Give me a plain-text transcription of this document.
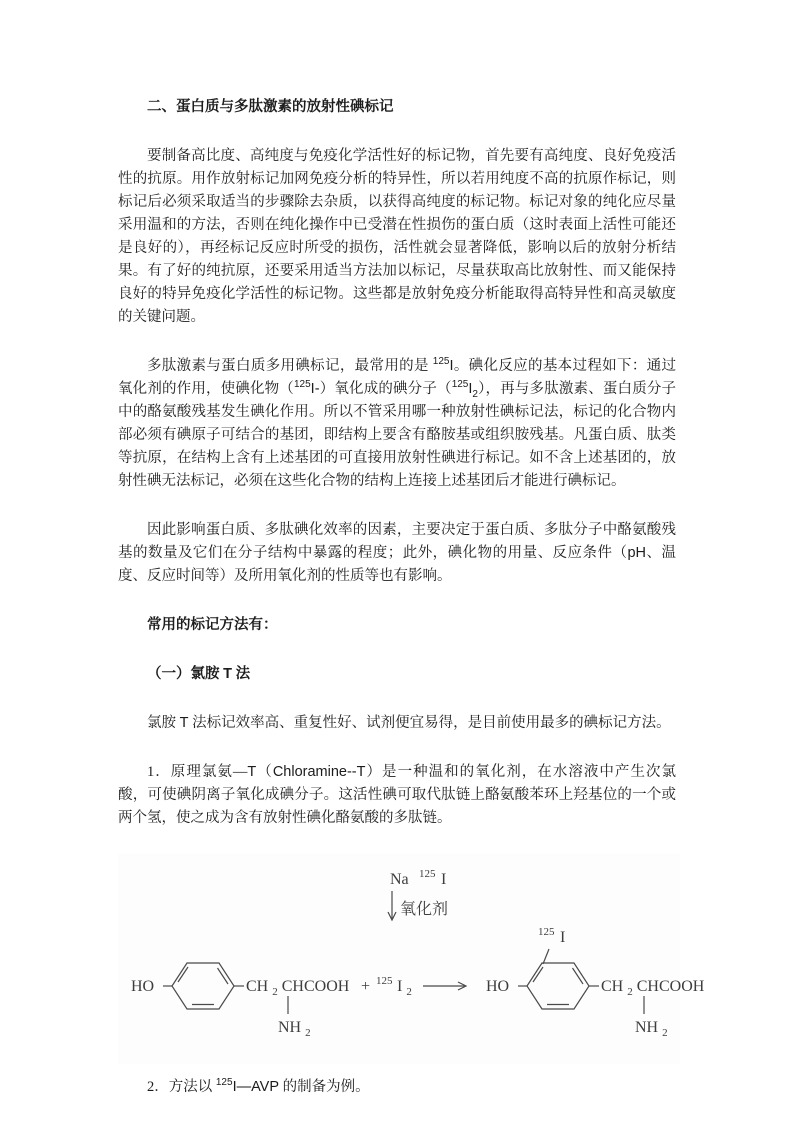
二、蛋白质与多肽激素的放射性碘标记
要制备高比度、高纯度与免疫化学活性好的标记物，首先要有高纯度、良好免疫活性的抗原。用作放射标记加网免疫分析的特异性，所以若用纯度不高的抗原作标记，则标记后必须采取适当的步骤除去杂质，以获得高纯度的标记物。标记对象的纯化应尽量采用温和的方法，否则在纯化操作中已受潜在性损伤的蛋白质（这时表面上活性可能还是良好的），再经标记反应时所受的损伤，活性就会显著降低，影响以后的放射分析结果。有了好的纯抗原，还要采用适当方法加以标记，尽量获取高比放射性、而又能保持良好的特异免疫化学活性的标记物。这些都是放射免疫分析能取得高特异性和高灵敏度的关键问题。
多肽激素与蛋白质多用碘标记，最常用的是 $^{125}$I。碘化反应的基本过程如下：通过氧化剂的作用，使碘化物（$^{125}$I-）氧化成的碘分子$(^{125}I_2)$，再与多肽激素、蛋白质分子中的酪氨酸残基发生碘化作用。所以不管采用哪一种放射性碘标记法，标记的化合物内部必须有碘原子可结合的基团，即结构上要含有酪胺基或组织胺残基。凡蛋白质、肽类等抗原，在结构上含有上述基团的可直接用放射性碘进行标记。如不含上述基团的，放射性碘无法标记，必须在这些化合物的结构上连接上述基团后才能进行碘标记。
因此影响蛋白质、多肽碘化效率的因素，主要决定于蛋白质、多肽分子中酪氨酸残基的数量及它们在分子结构中暴露的程度；此外，碘化物的用量、反应条件（pH、温度、反应时间等）及所用氧化剂的性质等也有影响。
常用的标记方法有：
（一）氯胺 T 法
氯胺 T 法标记效率高、重复性好、试剂便宜易得，是目前使用最多的碘标记方法。
1．原理氯氨—T（Chloramine--T）是一种温和的氧化剂，在水溶液中产生次氯酸，可使碘阴离子氧化成碘分子。这活性碘可取代肽链上酪氨酸苯环上羟基位的一个或两个氢，使之成为含有放射性碘化酪氨酸的多肽链。
Na 125 I
氧化剂
HO	CH $_2$ CHCOOH
NH $_2$
+ 125 I $_2$
125 I
HO	CH $_2$ CHCOOH
NH $_2$
2．方法以 $^{125}$I—AVP 的制备为例。
